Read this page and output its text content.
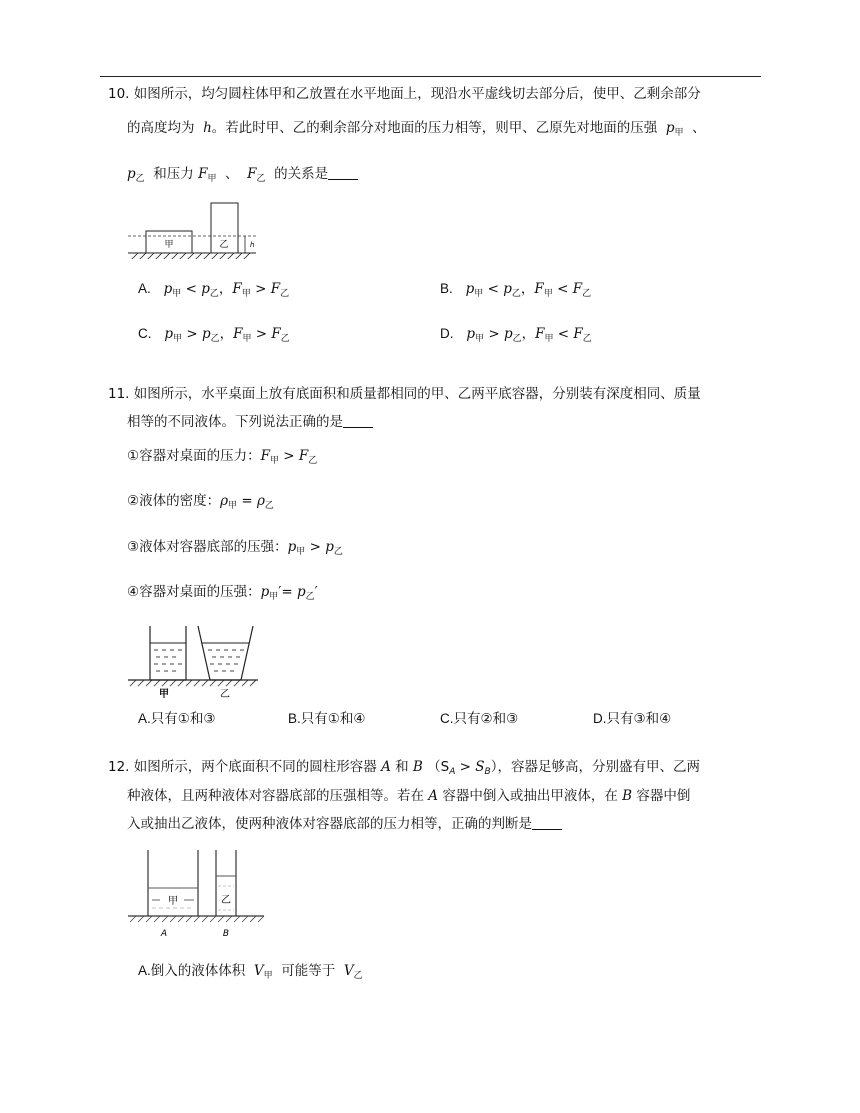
10. 如图所示，均匀圆柱体甲和乙放置在水平地面上，现沿水平虚线切去部分后，使甲、乙剩余部分
的高度均为 h。若此时甲、乙的剩余部分对地面的压力相等，则甲、乙原先对地面的压强 $p_甲$ 、
$p_乙$ 和压力 $F_甲$ 、 $F_乙$ 的关系是
甲	乙	h
A. $p_甲 < p_乙$，$F_甲 > F_乙$	B. $p_甲 < p_乙$，$F_甲 < F_乙$
C. $p_甲 > p_乙$，$F_甲 > F_乙$	D. $p_甲 > p_乙$，$F_甲 < F_乙$
11. 如图所示，水平桌面上放有底面积和质量都相同的甲、乙两平底容器，分别装有深度相同、质量
相等的不同液体。下列说法正确的是
①容器对桌面的压力：$F_甲 > F_乙$
②液体的密度：$\rho_甲 = \rho_乙$
③液体对容器底部的压强：$p_甲 > p_乙$
④容器对桌面的压强：$p_甲'= p_乙'$
甲	乙
A.只有①和③	B.只有①和④	C.只有②和③	D.只有③和④
12. 如图所示，两个底面积不同的圆柱形容器 A 和 B $(S_A > S_B)$，容器足够高，分别盛有甲、乙两
种液体，且两种液体对容器底部的压强相等。若在 A 容器中倒入或抽出甲液体，在 B 容器中倒
入或抽出乙液体，使两种液体对容器底部的压力相等，正确的判断是
甲	乙
A	B
A.倒入的液体体积 $V_甲$ 可能等于 $V_乙$
